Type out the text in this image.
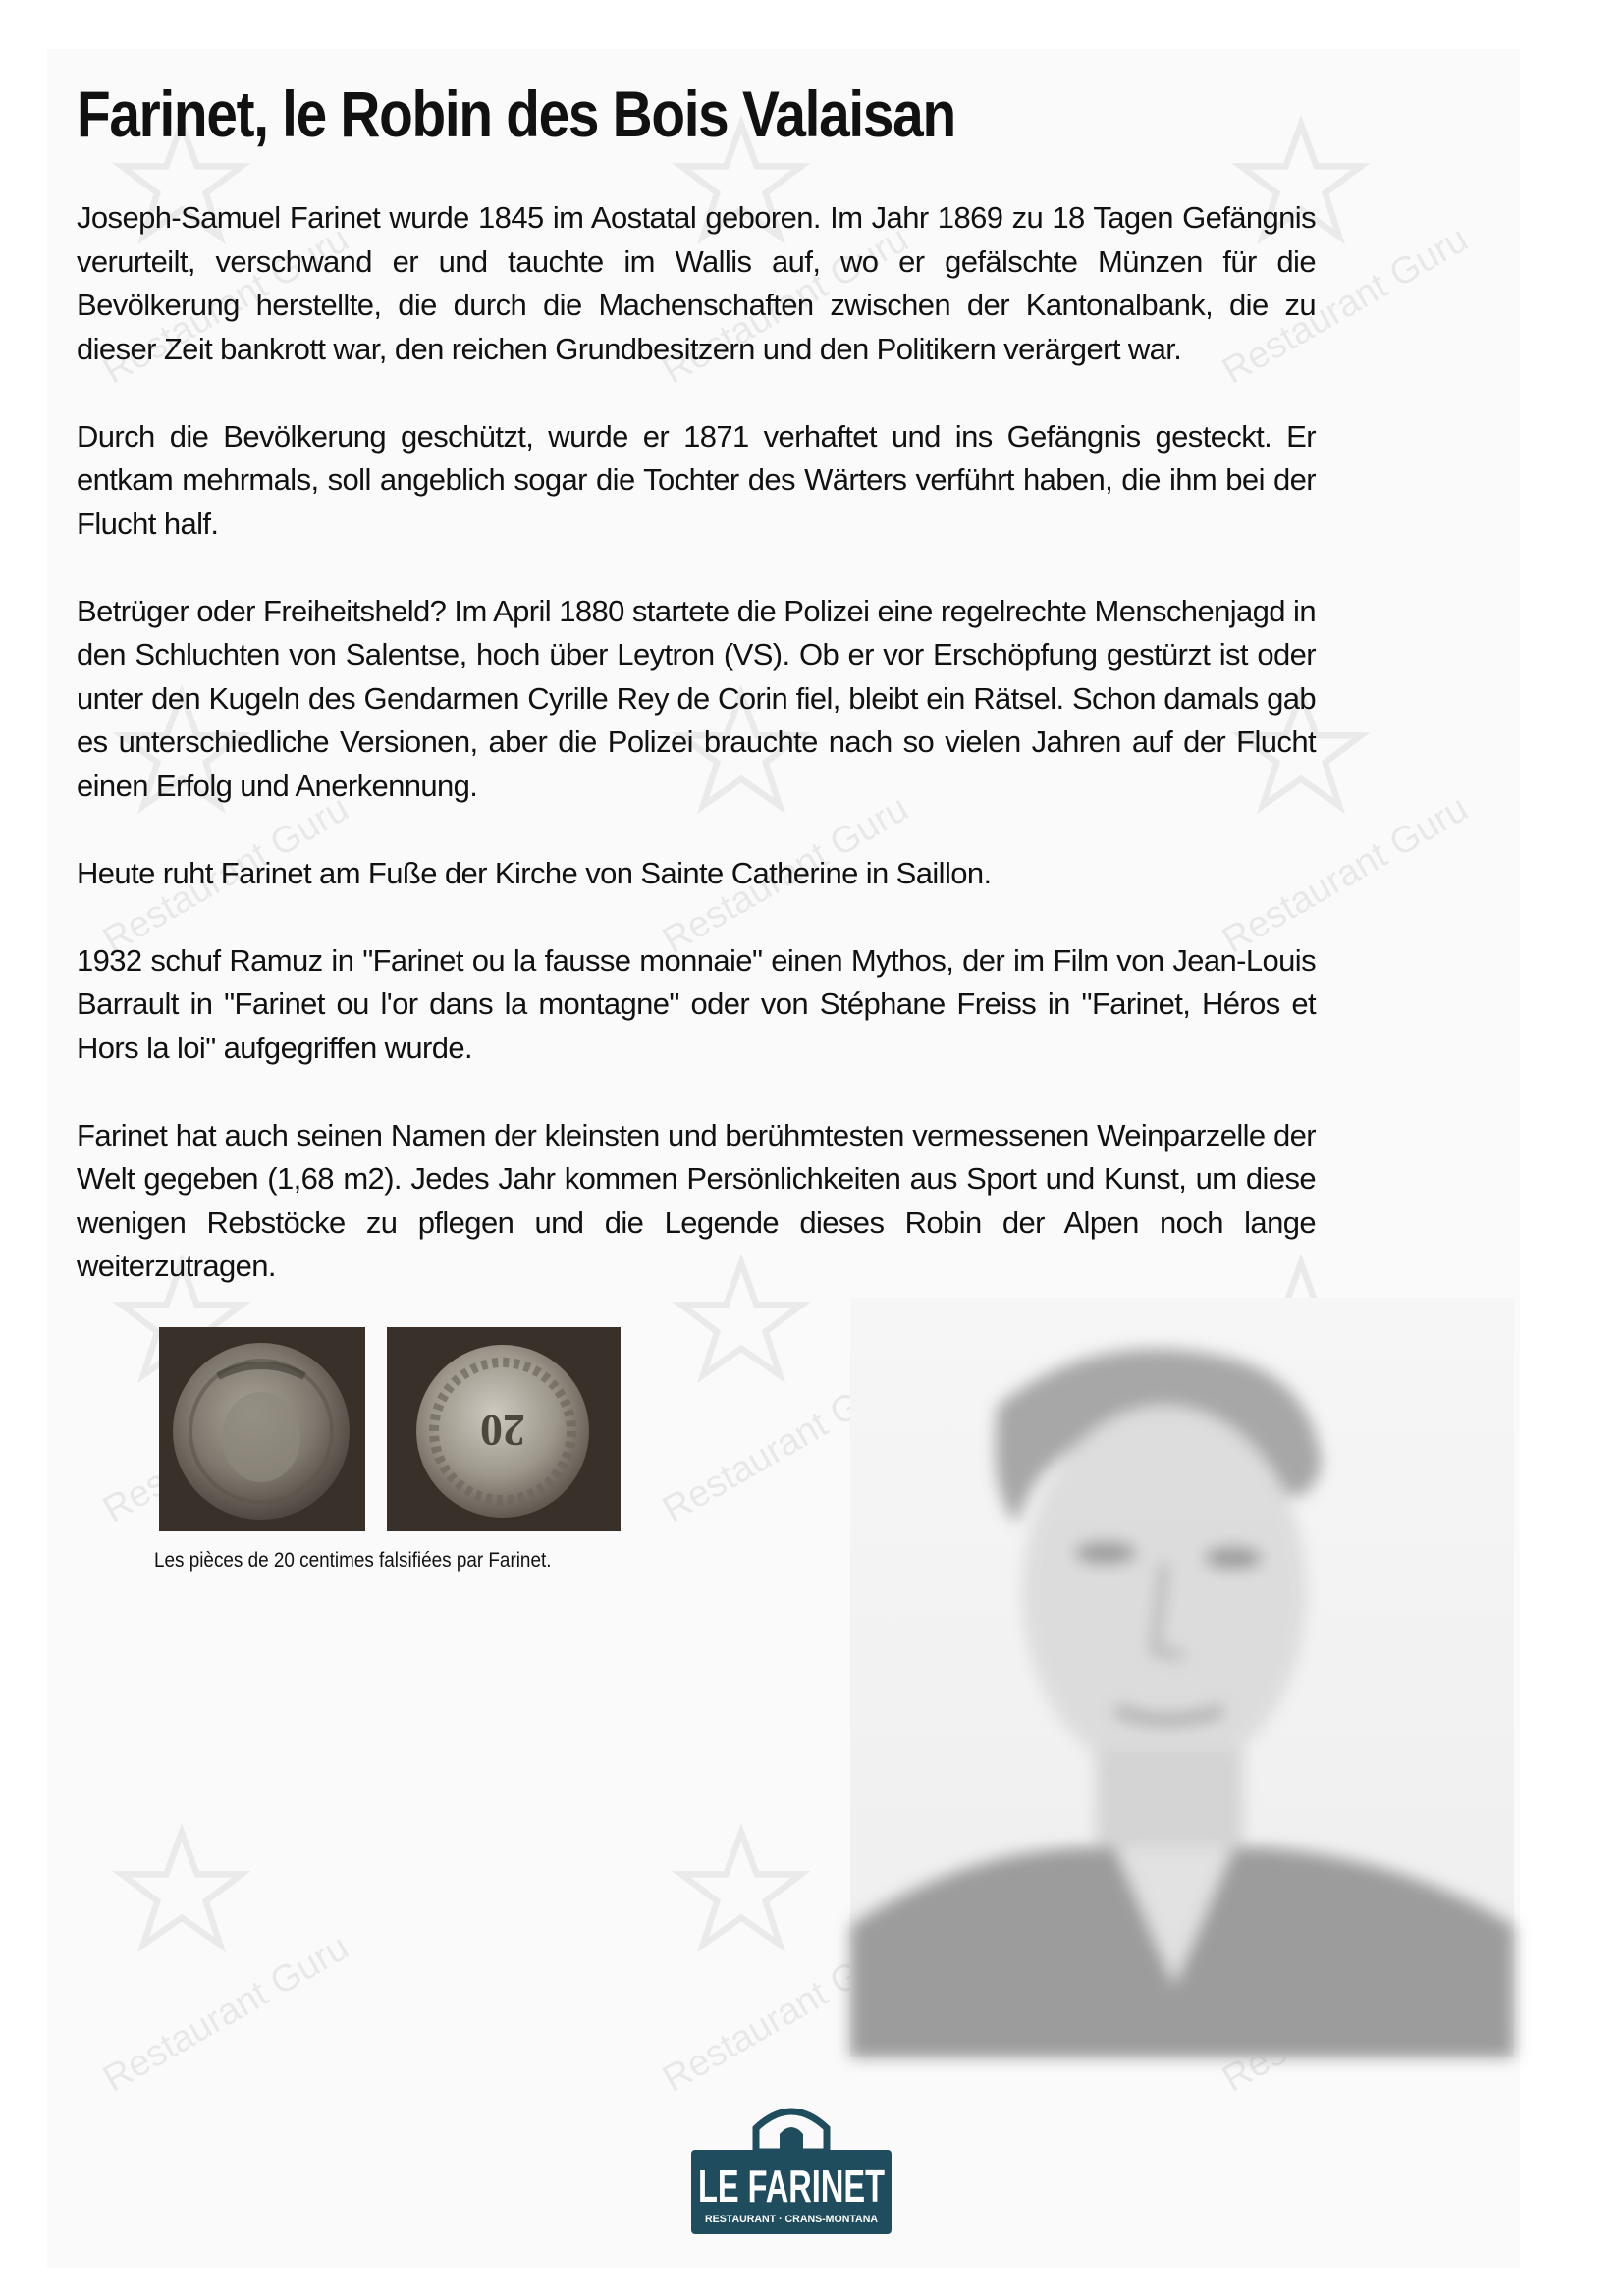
Farinet, le Robin des Bois Valaisan

Joseph-Samuel Farinet wurde 1845 im Aostatal geboren. Im Jahr 1869 zu 18 Tagen Gefängnis verurteilt, verschwand er und tauchte im Wallis auf, wo er gefälschte Münzen für die Bevölkerung herstellte, die durch die Machenschaften zwischen der Kantonalbank, die zu dieser Zeit bankrott war, den reichen Grundbesitzern und den Politikern verärgert war.

Durch die Bevölkerung geschützt, wurde er 1871 verhaftet und ins Gefängnis gesteckt. Er entkam mehrmals, soll angeblich sogar die Tochter des Wärters verführt haben, die ihm bei der Flucht half.

Betrüger oder Freiheitsheld? Im April 1880 startete die Polizei eine regelrechte Menschenjagd in den Schluchten von Salentse, hoch über Leytron (VS). Ob er vor Erschöpfung gestürzt ist oder unter den Kugeln des Gendarmen Cyrille Rey de Corin fiel, bleibt ein Rätsel. Schon damals gab es unterschiedliche Versionen, aber die Polizei brauchte nach so vielen Jahren auf der Flucht einen Erfolg und Anerkennung.

Heute ruht Farinet am Fuße der Kirche von Sainte Catherine in Saillon.

1932 schuf Ramuz in "Farinet ou la fausse monnaie" einen Mythos, der im Film von Jean-Louis Barrault in "Farinet ou l'or dans la montagne" oder von Stéphane Freiss in "Farinet, Héros et Hors la loi" aufgegriffen wurde.

Farinet hat auch seinen Namen der kleinsten und berühmtesten vermessenen Weinparzelle der Welt gegeben (1,68 m2). Jedes Jahr kommen Persönlichkeiten aus Sport und Kunst, um diese wenigen Rebstöcke zu pflegen und die Legende dieses Robin der Alpen noch lange weiterzutragen.

20
Les pièces de 20 centimes falsifiées par Farinet.
LE FARINET
RESTAURANT · CRANS-MONTANA
